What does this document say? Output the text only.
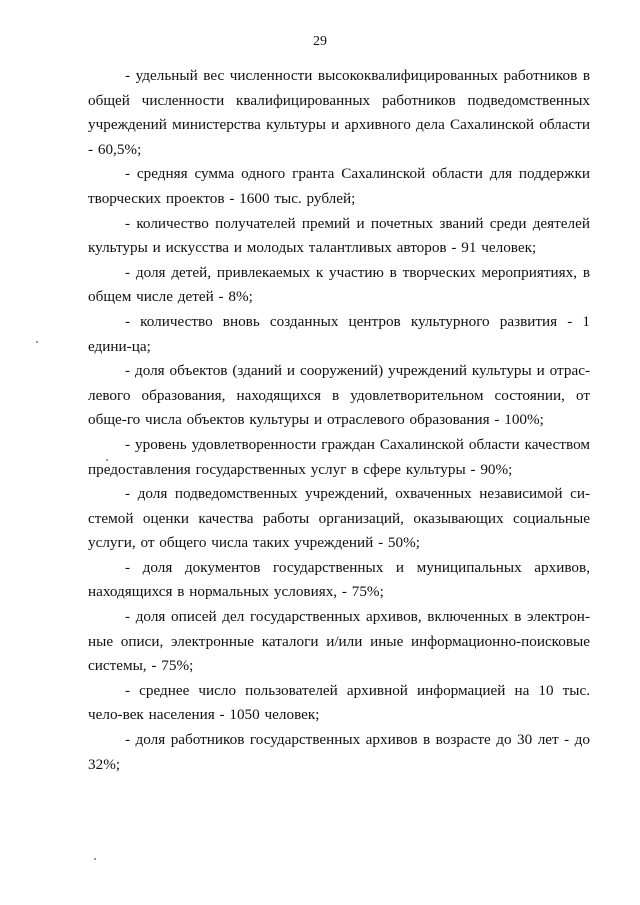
29

- удельный вес численности высококвалифицированных работников в общей численности квалифицированных работников подведомственных учреждений министерства культуры и архивного дела Сахалинской области - 60,5%;

- средняя сумма одного гранта Сахалинской области для поддержки творческих проектов - 1600 тыс. рублей;

- количество получателей премий и почетных званий среди деятелей культуры и искусства и молодых талантливых авторов - 91 человек;

- доля детей, привлекаемых к участию в творческих мероприятиях, в общем числе детей - 8%;

- количество вновь созданных центров культурного развития - 1 едини-ца;

- доля объектов (зданий и сооружений) учреждений культуры и отрас-левого образования, находящихся в удовлетворительном состоянии, от обще-го числа объектов культуры и отраслевого образования - 100%;

- уровень удовлетворенности граждан Сахалинской области качеством предоставления государственных услуг в сфере культуры - 90%;

- доля подведомственных учреждений, охваченных независимой си-стемой оценки качества работы организаций, оказывающих социальные услуги, от общего числа таких учреждений - 50%;

- доля документов государственных и муниципальных архивов, находящихся в нормальных условиях, - 75%;

- доля описей дел государственных архивов, включенных в электрон-ные описи, электронные каталоги и/или иные информационно-поисковые системы, - 75%;

- среднее число пользователей архивной информацией на 10 тыс. чело-век населения - 1050 человек;

- доля работников государственных архивов в возрасте до 30 лет - до 32%;
